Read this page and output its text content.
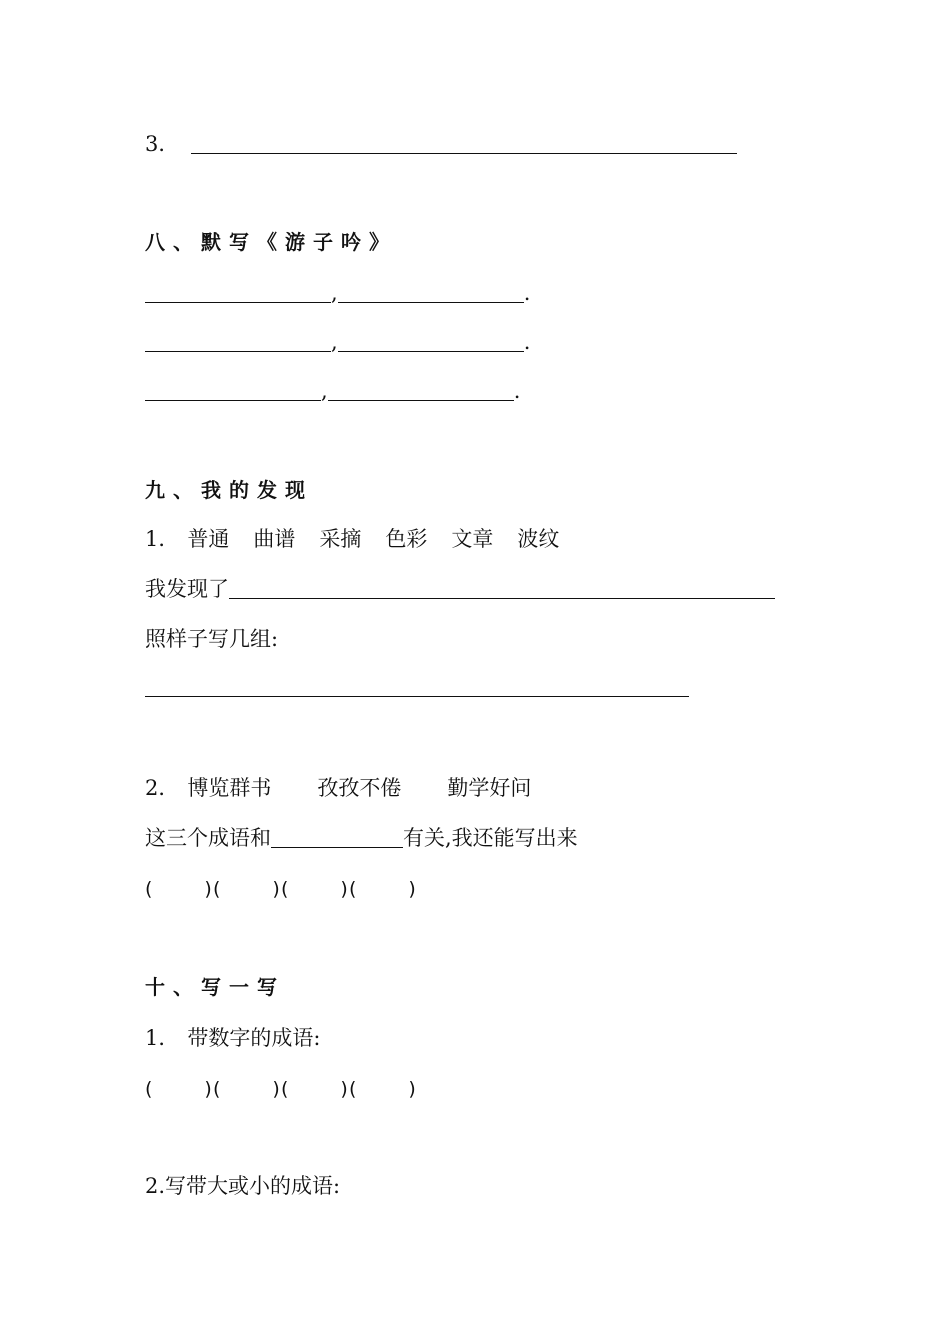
3．
八、默写《游子吟》
,	.
,	.
,	.
九、我的发现
1． 普通 曲谱 采摘 色彩 文章 波纹
我发现了
照样子写几组:
2． 博览群书 孜孜不倦 勤学好问
这三个成语和	有关,我还能写出来
(	) (	) (	) (	)
十、写一写
1． 带数字的成语:
(	) (	) (	) (	)
2.写带大或小的成语:
